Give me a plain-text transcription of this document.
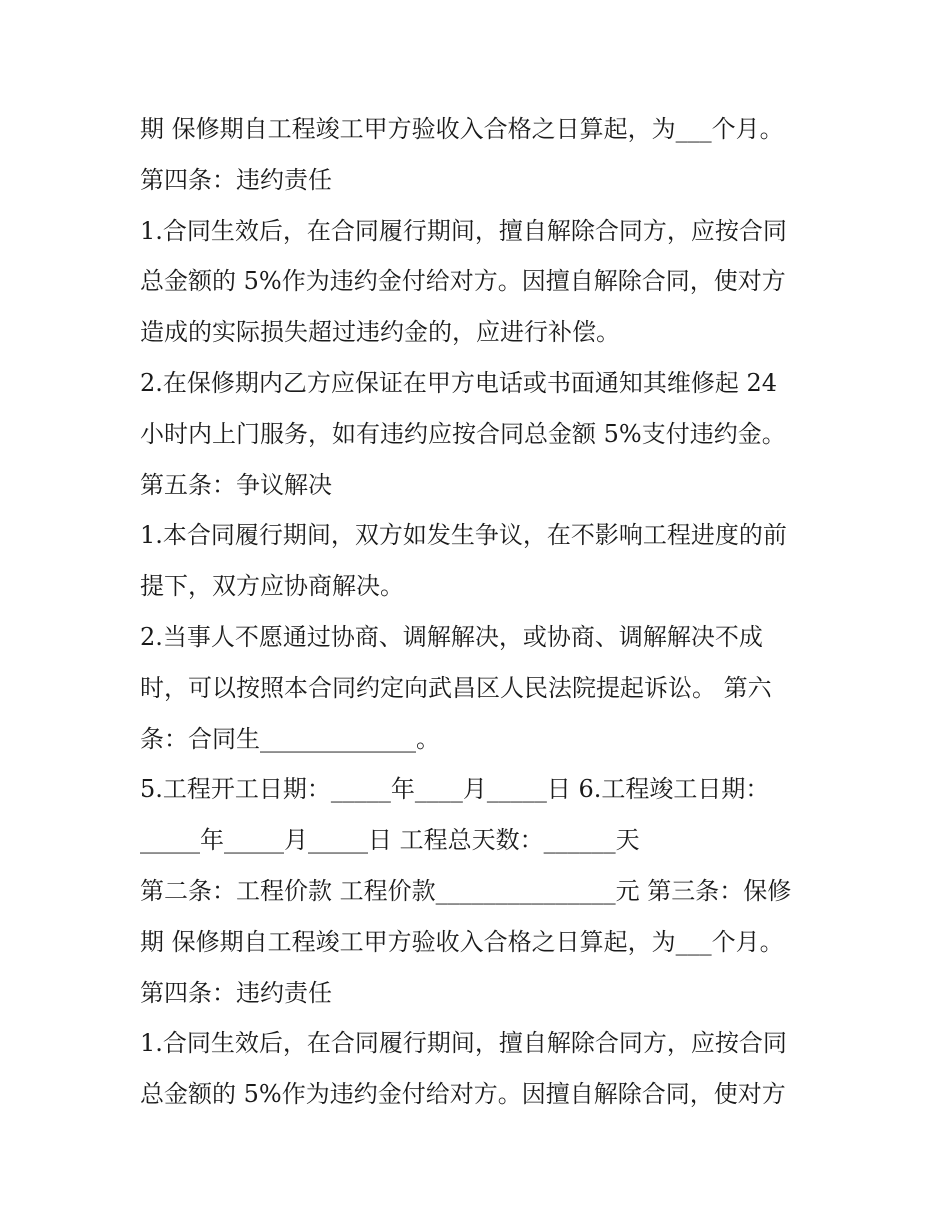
期 保修期自工程竣工甲方验收入合格之日算起，为___个月。
第四条：违约责任
1.合同生效后，在合同履行期间，擅自解除合同方，应按合同
总金额的 5%作为违约金付给对方。因擅自解除合同，使对方
造成的实际损失超过违约金的，应进行补偿。
2.在保修期内乙方应保证在甲方电话或书面通知其维修起 24
小时内上门服务，如有违约应按合同总金额 5%支付违约金。
第五条：争议解决
1.本合同履行期间，双方如发生争议，在不影响工程进度的前
提下，双方应协商解决。
2.当事人不愿通过协商、调解解决，或协商、调解解决不成
时，可以按照本合同约定向武昌区人民法院提起诉讼。 第六
条：合同生_____________。
5.工程开工日期：_____年____月_____日 6.工程竣工日期：
_____年_____月_____日 工程总天数：______天
第二条：工程价款 工程价款_______________元 第三条：保修
期 保修期自工程竣工甲方验收入合格之日算起，为___个月。
第四条：违约责任
1.合同生效后，在合同履行期间，擅自解除合同方，应按合同
总金额的 5%作为违约金付给对方。因擅自解除合同，使对方
